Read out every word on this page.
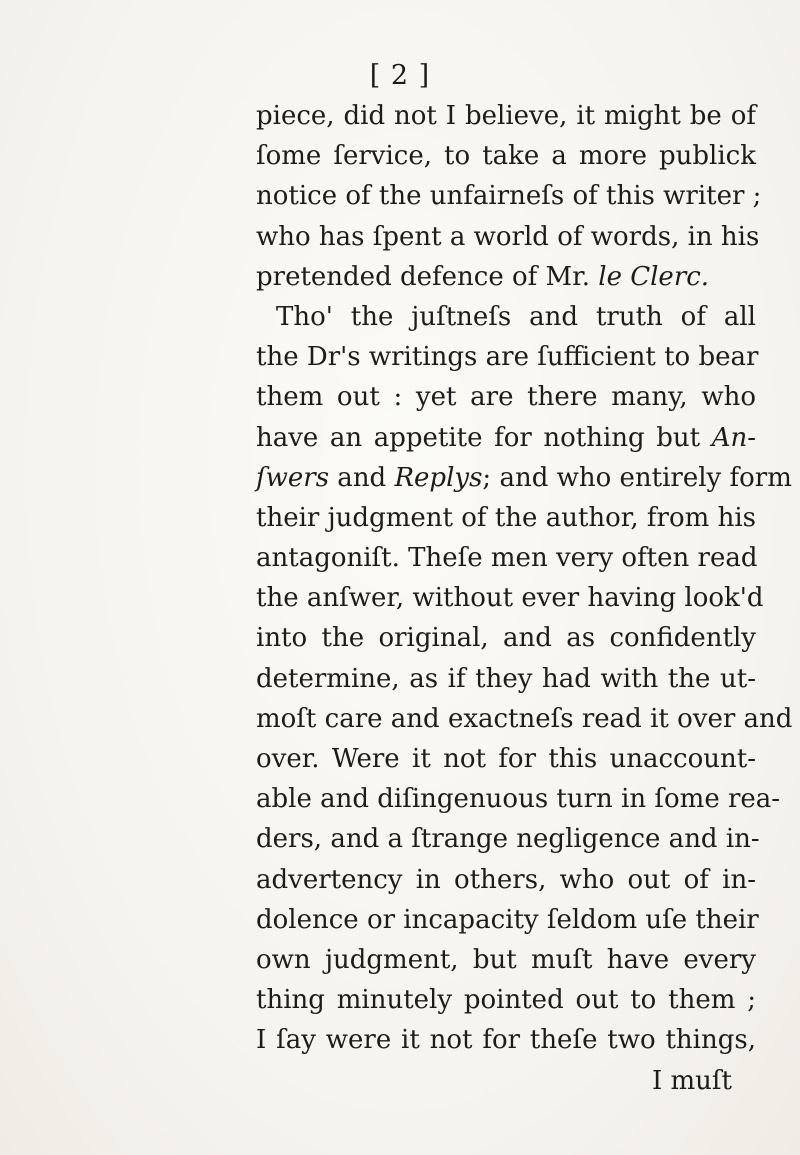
[ 2 ]
piece, did not I believe, it might be of
ſome ſervice, to take a more publick
notice of the unfairneſs of this writer ;
who has ſpent a world of words, in his
pretended defence of Mr. le Clerc.
Tho' the juſtneſs and truth of all
the Dr's writings are ſufficient to bear
them out : yet are there many, who
have an appetite for nothing but An-
ſwers and Replys; and who entirely form
their judgment of the author, from his
antagoniſt. Theſe men very often read
the anſwer, without ever having look'd
into the original, and as confidently
determine, as if they had with the ut-
moſt care and exactneſs read it over and
over. Were it not for this unaccount-
able and diſingenuous turn in ſome rea-
ders, and a ſtrange negligence and in-
advertency in others, who out of in-
dolence or incapacity ſeldom uſe their
own judgment, but muſt have every
thing minutely pointed out to them ;
I ſay were it not for theſe two things,
I muſt
